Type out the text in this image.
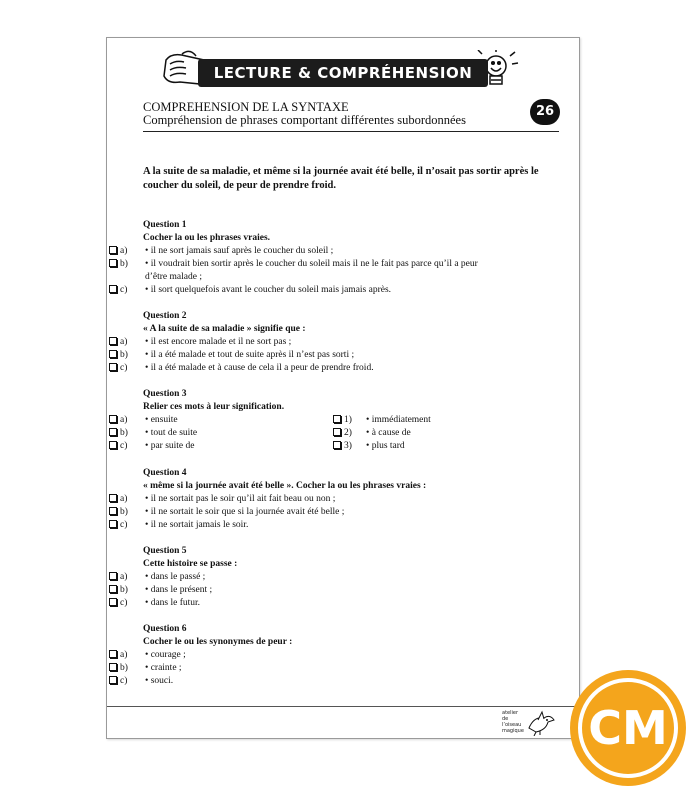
LECTURE & COMPRÉHENSION
COMPREHENSION DE LA SYNTAXE
Compréhension de phrases comportant différentes subordonnées
26
A la suite de sa maladie, et même si la journée avait été belle, il n’osait pas sortir après le coucher du soleil, de peur de prendre froid.
Question 1
Cocher la ou les phrases vraies.
a) • il ne sort jamais sauf après le coucher du soleil ;
b) • il voudrait bien sortir après le coucher du soleil mais il ne le fait pas parce qu’il a peur
d’être malade ;
c) • il sort quelquefois avant le coucher du soleil mais jamais après.
Question 2
« A la suite de sa maladie » signifie que :
a) • il est encore malade et il ne sort pas ;
b) • il a été malade et tout de suite après il n’est pas sorti ;
c) • il a été malade et à cause de cela il a peur de prendre froid.
Question 3
Relier ces mots à leur signification.
a) • ensuite
b) • tout de suite
c) • par suite de
1) • immédiatement
2) • à cause de
3) • plus tard
Question 4
« même si la journée avait été belle ». Cocher la ou les phrases vraies :
a) • il ne sortait pas le soir qu’il ait fait beau ou non ;
b) • il ne sortait le soir que si la journée avait été belle ;
c) • il ne sortait jamais le soir.
Question 5
Cette histoire se passe :
a) • dans le passé ;
b) • dans le présent ;
c) • dans le futur.
Question 6
Cocher le ou les synonymes de peur :
a) • courage ;
b) • crainte ;
c) • souci.
atelier
de
l’oiseau
magique CM
